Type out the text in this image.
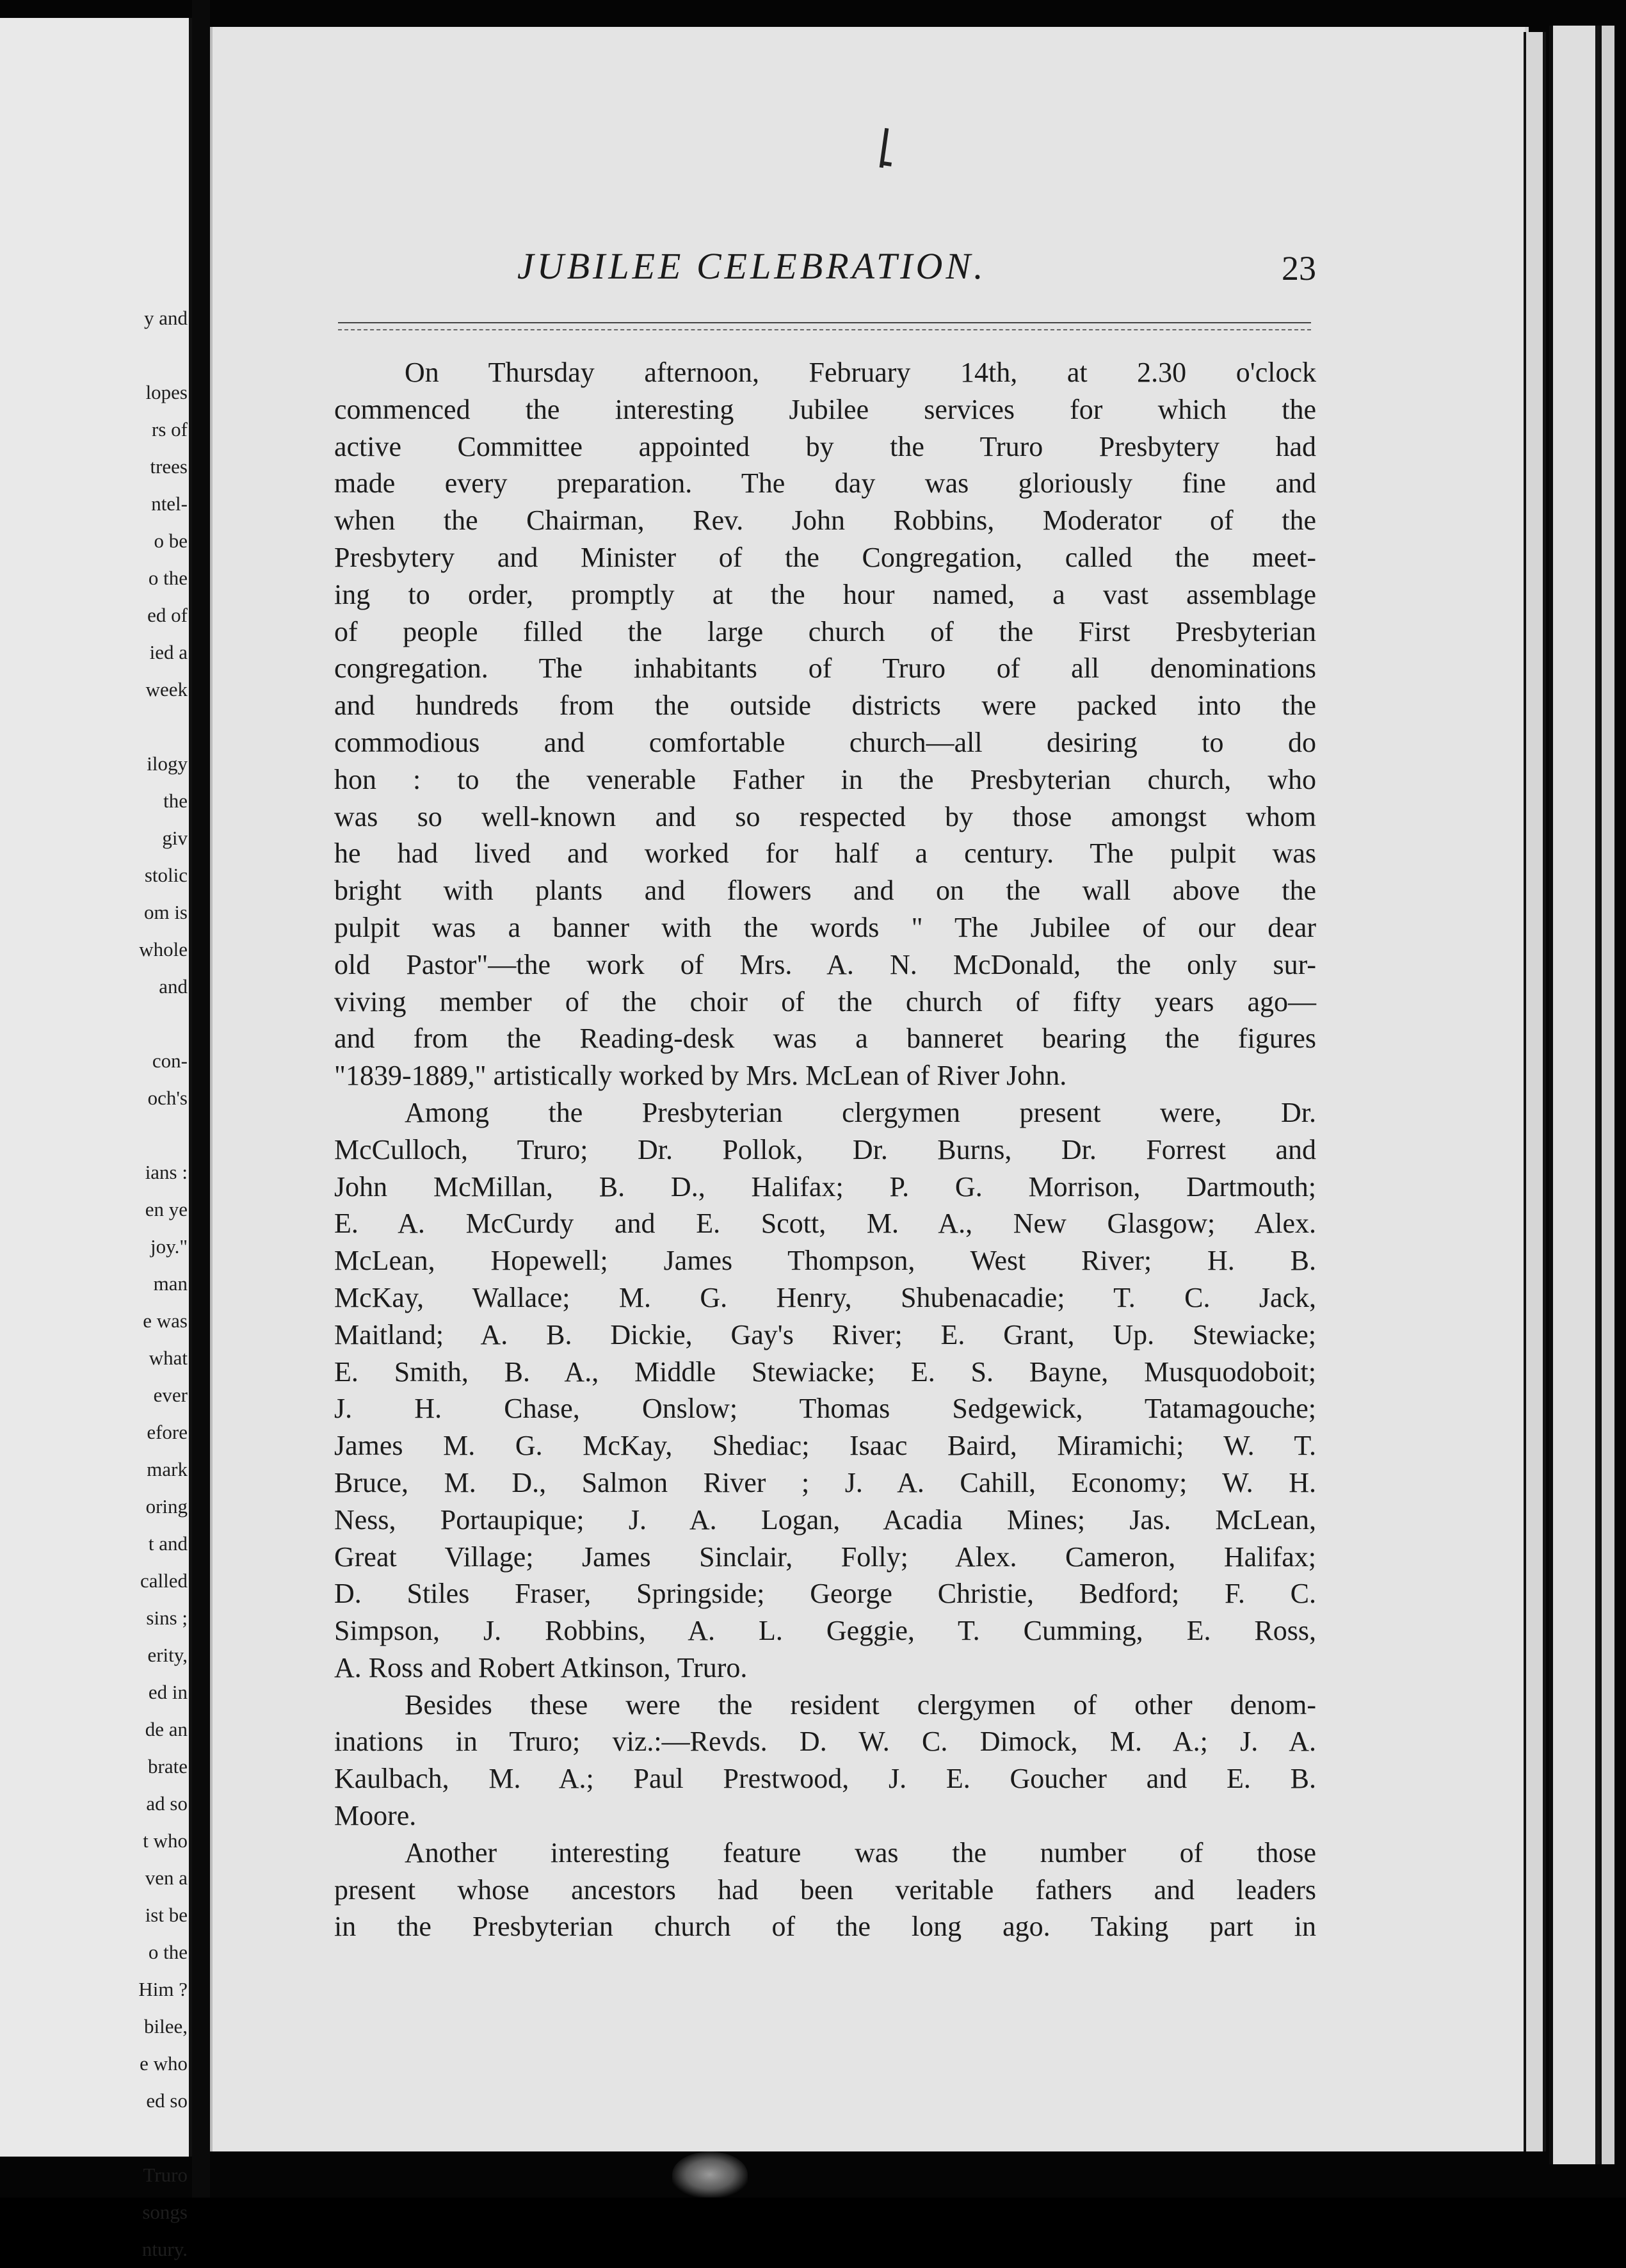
y and

lopes
rs of
trees
ntel-
o be
o the
ed of
ied a
week

ilogy
the
giv
stolic
om is
whole
and

con-
och's

ians :
en ye
joy."
man
e was
what
ever
efore
mark
oring
t and
called
sins ;
erity,
ed in
de an
brate
ad so
t who
ven a
ist be
o the
Him ?
bilee,
e who
ed so

Truro
songs
ntury.
JUBILEE CELEBRATION.	23
On Thursday afternoon, February 14th, at 2.30 o'clock
commenced the interesting Jubilee services for which the
active Committee appointed by the Truro Presbytery had
made every preparation. The day was gloriously fine and
when the Chairman, Rev. John Robbins, Moderator of the
Presbytery and Minister of the Congregation, called the meet-
ing to order, promptly at the hour named, a vast assemblage
of people filled the large church of the First Presbyterian
congregation. The inhabitants of Truro of all denominations
and hundreds from the outside districts were packed into the
commodious and comfortable church—all desiring to do
hon : to the venerable Father in the Presbyterian church, who
was so well-known and so respected by those amongst whom
he had lived and worked for half a century. The pulpit was
bright with plants and flowers and on the wall above the
pulpit was a banner with the words " The Jubilee of our dear
old Pastor"—the work of Mrs. A. N. McDonald, the only sur-
viving member of the choir of the church of fifty years ago—
and from the Reading-desk was a banneret bearing the figures
"1839-1889," artistically worked by Mrs. McLean of River John.
Among the Presbyterian clergymen present were, Dr.
McCulloch, Truro; Dr. Pollok, Dr. Burns, Dr. Forrest and
John McMillan, B. D., Halifax; P. G. Morrison, Dartmouth;
E. A. McCurdy and E. Scott, M. A., New Glasgow; Alex.
McLean, Hopewell; James Thompson, West River; H. B.
McKay, Wallace; M. G. Henry, Shubenacadie; T. C. Jack,
Maitland; A. B. Dickie, Gay's River; E. Grant, Up. Stewiacke;
E. Smith, B. A., Middle Stewiacke; E. S. Bayne, Musquodoboit;
J. H. Chase, Onslow; Thomas Sedgewick, Tatamagouche;
James M. G. McKay, Shediac; Isaac Baird, Miramichi; W. T.
Bruce, M. D., Salmon River ; J. A. Cahill, Economy; W. H.
Ness, Portaupique; J. A. Logan, Acadia Mines; Jas. McLean,
Great Village; James Sinclair, Folly; Alex. Cameron, Halifax;
D. Stiles Fraser, Springside; George Christie, Bedford; F. C.
Simpson, J. Robbins, A. L. Geggie, T. Cumming, E. Ross,
A. Ross and Robert Atkinson, Truro.
Besides these were the resident clergymen of other denom-
inations in Truro; viz.:—Revds. D. W. C. Dimock, M. A.; J. A.
Kaulbach, M. A.; Paul Prestwood, J. E. Goucher and E. B.
Moore.
Another interesting feature was the number of those
present whose ancestors had been veritable fathers and leaders
in the Presbyterian church of the long ago. Taking part in
